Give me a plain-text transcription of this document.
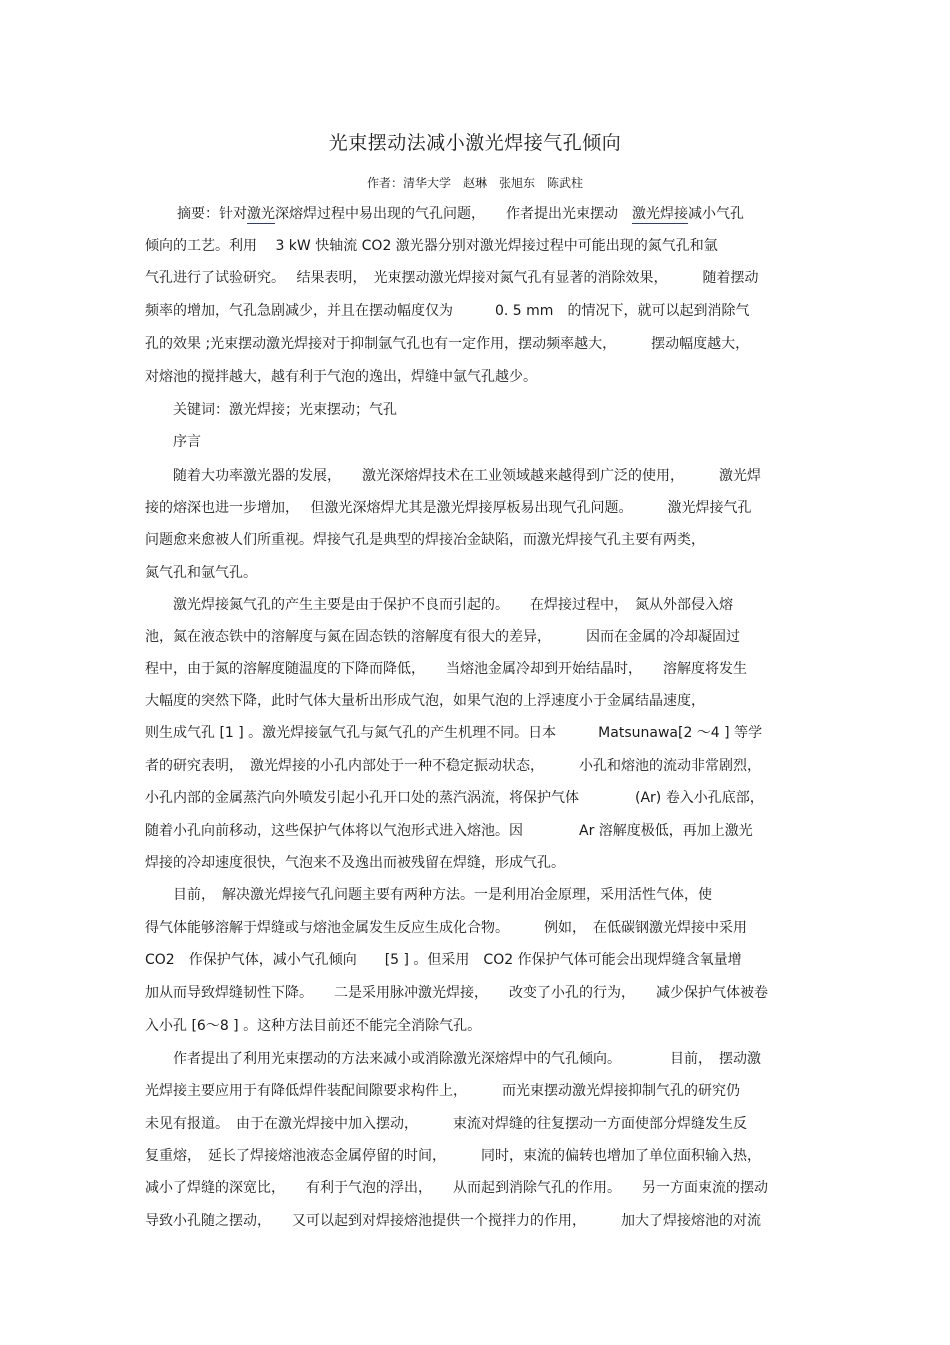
光束摆动法减小激光焊接气孔倾向
作者：清华大学　赵琳　张旭东　陈武柱
摘要：针对激光深熔焊过程中易出现的气孔问题，　　作者提出光束摆动　激光焊接减小气孔
倾向的工艺。利用　 3 kW 快轴流 CO2 激光器分别对激光焊接过程中可能出现的氮气孔和氩
气孔进行了试验研究。　 结果表明，　光束摆动激光焊接对氮气孔有显著的消除效果，　　　随着摆动
频率的增加，气孔急剧减少，并且在摆动幅度仅为　　　0. 5 mm　的情况下，就可以起到消除气
孔的效果 ;光束摆动激光焊接对于抑制氩气孔也有一定作用，摆动频率越大，　　　摆动幅度越大，
对熔池的搅拌越大，越有利于气泡的逸出，焊缝中氩气孔越少。
　　关键词：激光焊接；光束摆动；气孔
　　序言
　　随着大功率激光器的发展，　　激光深熔焊技术在工业领域越来越得到广泛的使用，　　　激光焊
接的熔深也进一步增加，　 但激光深熔焊尤其是激光焊接厚板易出现气孔问题。　　　激光焊接气孔
问题愈来愈被人们所重视。焊接气孔是典型的焊接冶金缺陷，而激光焊接气孔主要有两类，
氮气孔和氩气孔。
　　激光焊接氮气孔的产生主要是由于保护不良而引起的。　　在焊接过程中，　氮从外部侵入熔
池，氮在液态铁中的溶解度与氮在固态铁的溶解度有很大的差异，　　　因而在金属的冷却凝固过
程中，由于氮的溶解度随温度的下降而降低，　　当熔池金属冷却到开始结晶时，　　溶解度将发生
大幅度的突然下降，此时气体大量析出形成气泡，如果气泡的上浮速度小于金属结晶速度，
则生成气孔 [1 ] 。激光焊接氩气孔与氮气孔的产生机理不同。日本　　　Matsunawa[2 ～4 ] 等学
者的研究表明，　激光焊接的小孔内部处于一种不稳定振动状态，　　　小孔和熔池的流动非常剧烈，
小孔内部的金属蒸汽向外喷发引起小孔开口处的蒸汽涡流，将保护气体　　　　(Ar) 卷入小孔底部，
随着小孔向前移动，这些保护气体将以气泡形式进入熔池。因　　　　Ar 溶解度极低，再加上激光
焊接的冷却速度很快，气泡来不及逸出而被残留在焊缝，形成气孔。
　　目前，　解决激光焊接气孔问题主要有两种方法。一是利用冶金原理，采用活性气体，使
得气体能够溶解于焊缝或与熔池金属发生反应生成化合物。　　　例如，　在低碳钢激光焊接中采用
CO2　作保护气体，减小气孔倾向　　[5 ] 。但采用　CO2 作保护气体可能会出现焊缝含氧量增
加从而导致焊缝韧性下降。　　二是采用脉冲激光焊接，　　改变了小孔的行为，　　减少保护气体被卷
入小孔 [6～8 ] 。这种方法目前还不能完全消除气孔。
　　作者提出了利用光束摆动的方法来减小或消除激光深熔焊中的气孔倾向。　　　　目前，　摆动激
光焊接主要应用于有降低焊件装配间隙要求构件上，　　　而光束摆动激光焊接抑制气孔的研究仍
未见有报道。　由于在激光焊接中加入摆动，　　　束流对焊缝的往复摆动一方面使部分焊缝发生反
复重熔，　延长了焊接熔池液态金属停留的时间，　　　同时，束流的偏转也增加了单位面积输入热，
减小了焊缝的深宽比，　　有利于气泡的浮出，　　从而起到消除气孔的作用。　　另一方面束流的摆动
导致小孔随之摆动，　　又可以起到对焊接熔池提供一个搅拌力的作用，　　　加大了焊接熔池的对流
